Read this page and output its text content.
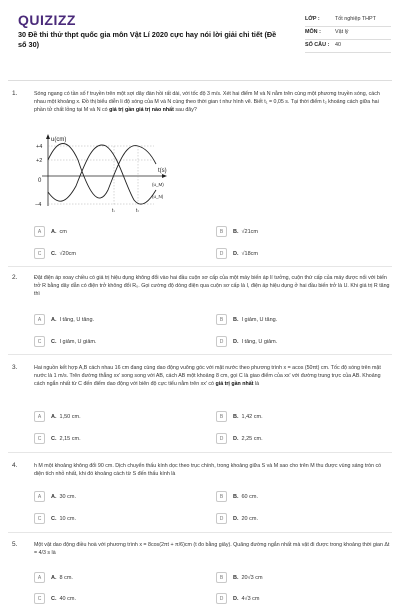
QUIZIZZ
30 Đề thi thử thpt quốc gia môn Vật Lí 2020 cực hay nói lời giải chi tiết (Đề số 30)
LỚP :	Tốt nghiệp THPT
MÔN :	Vật lý
SỐ CÂU :	40
1.	Sóng ngang có tần số f truyền trên một sợi dây đàn hồi rất dài, với tốc độ 3 m/s. Xét hai điểm M và N nằm trên cùng một phương truyền sóng, cách nhau một khoảng x. Đồ thị biểu diễn li độ sóng của M và N cùng theo thời gian t như hình vẽ. Biết t₁ = 0,05 s. Tại thời điểm t₂ khoảng cách giữa hai phần tử chất lỏng tại M và N có giá trị gần giá trị nào nhất sau đây?
u(cm)
+4
+2
0
−4
t(s)
t₁	t₂
(u_M)
(u_N)
A	A. cm	B	B. √21cm
C	C. √20cm	D	D. √18cm
2.	Đặt điện áp xoay chiều có giá trị hiệu dụng không đổi vào hai đầu cuộn sơ cấp của một máy biến áp lí tưởng, cuộn thứ cấp của máy được nối với biến trở R bằng dây dẫn có điện trở không đổi R₀. Gọi cường độ dòng điện qua cuộn sơ cấp là I, điện áp hiệu dụng ở hai đầu biến trở là U. Khi giá trị R tăng thì
A	A. I tăng, U tăng.	B	B. I giảm, U tăng.
C	C. I giảm, U giảm.	D	D. I tăng, U giảm.
3.	Hai nguồn kết hợp A,B cách nhau 16 cm đang cùng dao động vuông góc với mặt nước theo phương trình x = acos (50πt) cm. Tốc độ sóng trên mặt nước là 1 m/s. Trên đường thẳng xx' song song với AB, cách AB một khoảng 8 cm, gọi C là giao điểm của xx' với đường trung trực của AB. Khoảng cách ngắn nhất từ C đến điểm dao động với biên độ cực tiểu nằm trên xx' có giá trị gần nhất là
A	A. 1,50 cm.	B	B. 1,42 cm.
C	C. 2,15 cm.	D	D. 2,25 cm.
4.	h M một khoảng không đổi 90 cm. Dịch chuyển thấu kính dọc theo trục chính, trong khoảng giữa S và M sao cho trên M thu được vùng sáng tròn có diện tích nhỏ nhất, khi đó khoảng cách từ S đến thấu kính là
A	A. 30 cm.	B	B. 60 cm.
C	C. 10 cm.	D	D. 20 cm.
5.	Một vật dao động điều hoà với phương trình x = 8cos(2πt + π/6)cm (t đo bằng giây). Quãng đường ngắn nhất mà vật đi được trong khoảng thời gian Δt = 4/3 s là
A	A. 8 cm.	B	B. 20√3 cm
C	C. 40 cm.	D	D. 4√3 cm
